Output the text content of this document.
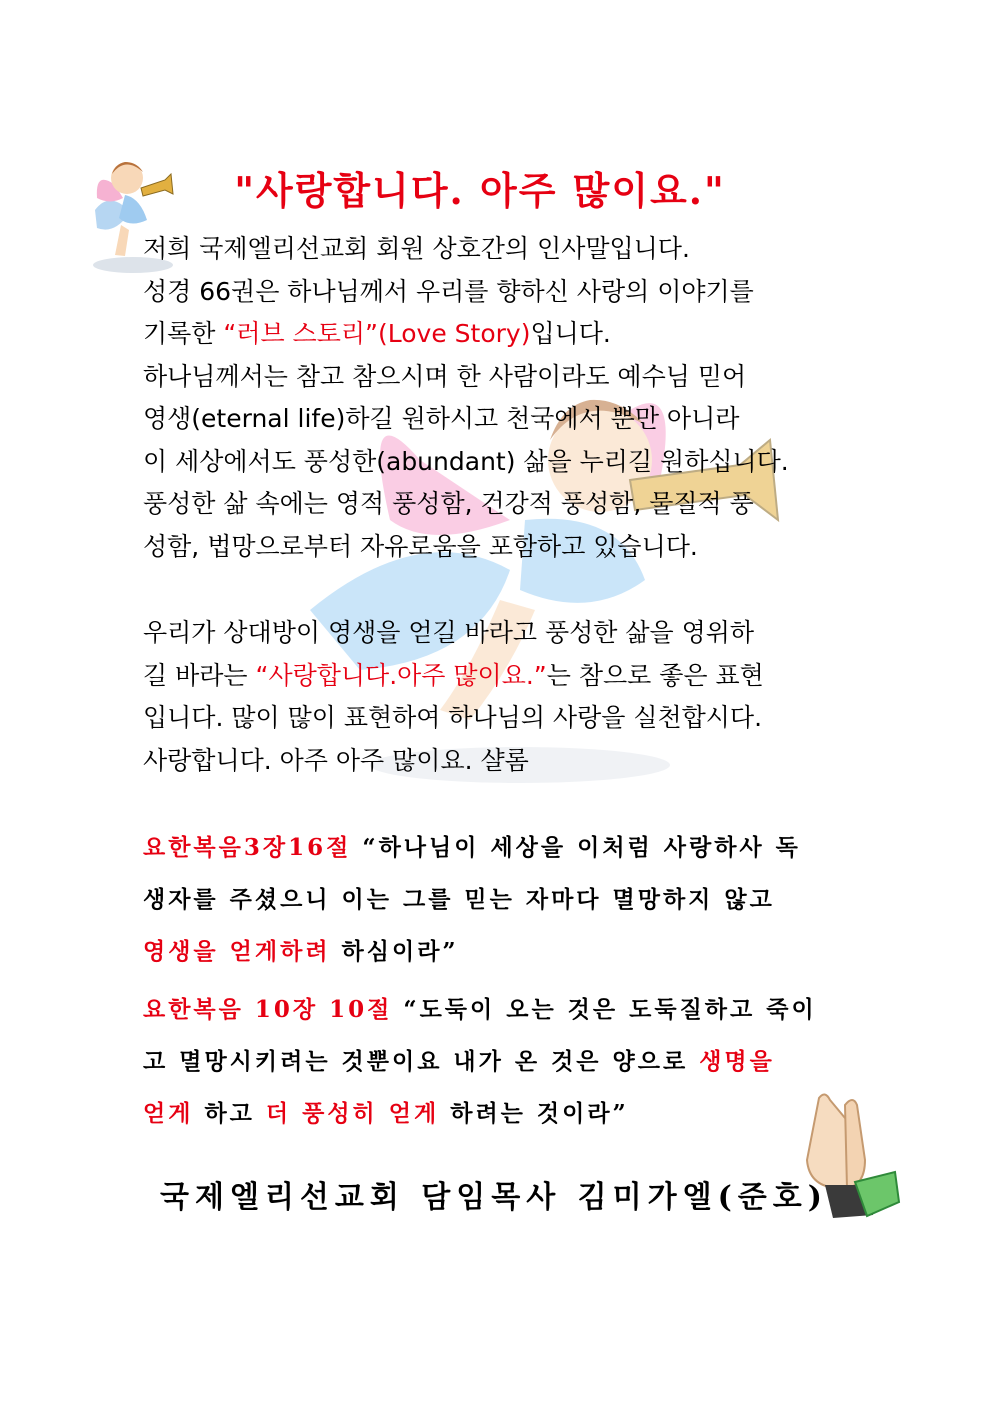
"사랑합니다. 아주 많이요."
저희 국제엘리선교회 회원 상호간의 인사말입니다.
성경 66권은 하나님께서 우리를 향하신 사랑의 이야기를
기록한 “러브 스토리”(Love Story)입니다.
하나님께서는 참고 참으시며 한 사람이라도 예수님 믿어
영생(eternal life)하길 원하시고 천국에서 뿐만 아니라
이 세상에서도 풍성한(abundant) 삶을 누리길 원하십니다.
풍성한 삶 속에는 영적 풍성함, 건강적 풍성함, 물질적 풍
성함, 법망으로부터 자유로움을 포함하고 있습니다.
우리가 상대방이 영생을 얻길 바라고 풍성한 삶을 영위하
길 바라는 “사랑합니다.아주 많이요.”는 참으로 좋은 표현
입니다. 많이 많이 표현하여 하나님의 사랑을 실천합시다.
사랑합니다. 아주 아주 많이요. 샬롬
요한복음3장16절 “하나님이 세상을 이처럼 사랑하사 독
생자를 주셨으니 이는 그를 믿는 자마다 멸망하지 않고
영생을 얻게하려 하심이라”
요한복음 10장 10절 “도둑이 오는 것은 도둑질하고 죽이
고 멸망시키려는 것뿐이요 내가 온 것은 양으로 생명을
얻게 하고 더 풍성히 얻게 하려는 것이라”
국제엘리선교회 담임목사 김미가엘(준호)
